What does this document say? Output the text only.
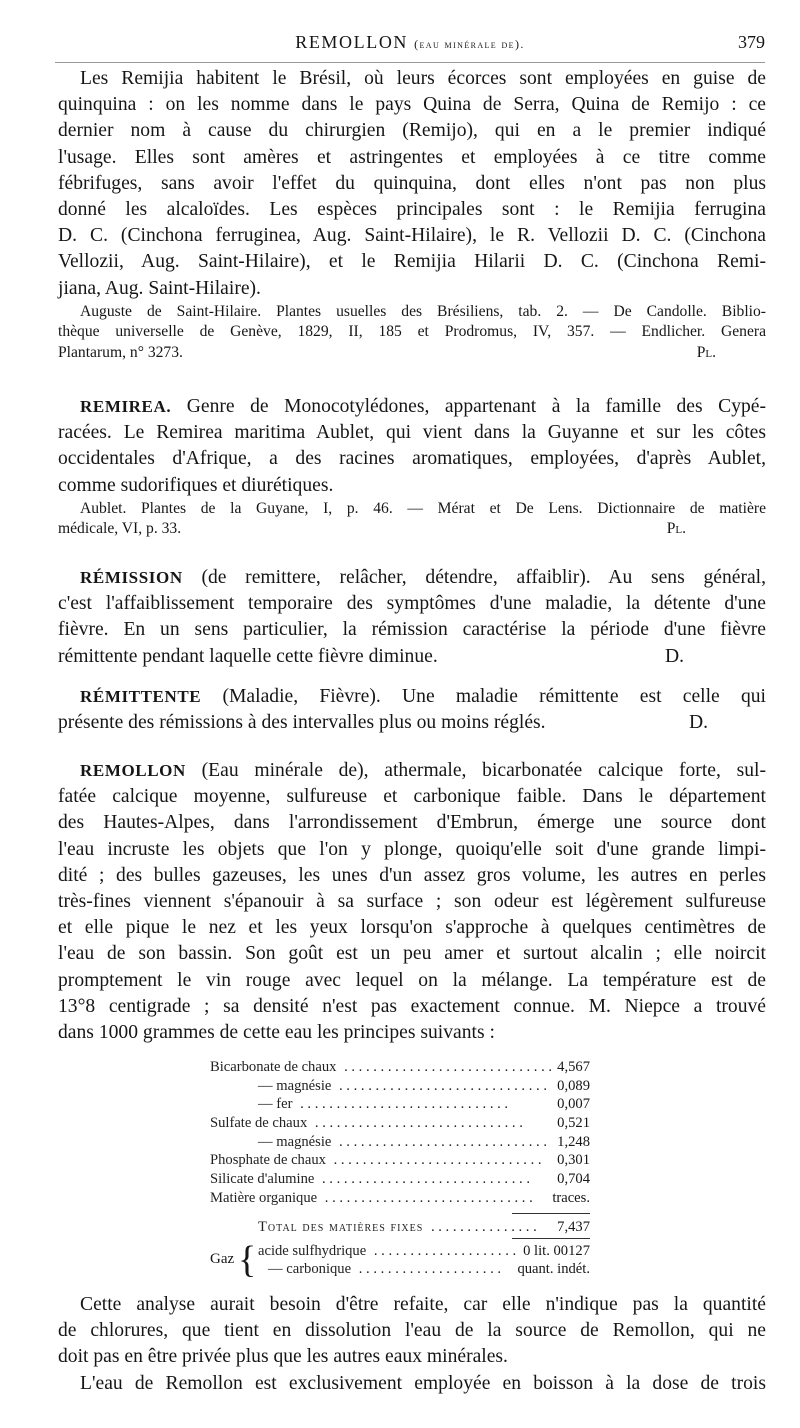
REMOLLON (eau minérale de).	379
Les Remijia habitent le Brésil, où leurs écorces sont employées en guise de
quinquina : on les nomme dans le pays Quina de Serra, Quina de Remijo : ce
dernier nom à cause du chirurgien (Remijo), qui en a le premier indiqué
l'usage. Elles sont amères et astringentes et employées à ce titre comme
fébrifuges, sans avoir l'effet du quinquina, dont elles n'ont pas non plus
donné les alcaloïdes. Les espèces principales sont : le Remijia ferrugina
D. C. (Cinchona ferruginea, Aug. Saint-Hilaire), le R. Vellozii D. C. (Cinchona
Vellozii, Aug. Saint-Hilaire), et le Remijia Hilarii D. C. (Cinchona Remi-
jiana, Aug. Saint-Hilaire).
Auguste de Saint-Hilaire. Plantes usuelles des Brésiliens, tab. 2. — De Candolle. Biblio-
thèque universelle de Genève, 1829, II, 185 et Prodromus, IV, 357. — Endlicher. Genera
Plantarum, n° 3273.	Pl.
REMIREA. Genre de Monocotylédones, appartenant à la famille des Cypé-
racées. Le Remirea maritima Aublet, qui vient dans la Guyanne et sur les côtes
occidentales d'Afrique, a des racines aromatiques, employées, d'après Aublet,
comme sudorifiques et diurétiques.
Aublet. Plantes de la Guyane, I, p. 46. — Mérat et De Lens. Dictionnaire de matière
médicale, VI, p. 33.	Pl.
RÉMISSION (de remittere, relâcher, détendre, affaiblir). Au sens général,
c'est l'affaiblissement temporaire des symptômes d'une maladie, la détente d'une
fièvre. En un sens particulier, la rémission caractérise la période d'une fièvre
rémittente pendant laquelle cette fièvre diminue.	D.
RÉMITTENTE (Maladie, Fièvre). Une maladie rémittente est celle qui
présente des rémissions à des intervalles plus ou moins réglés.	D.
REMOLLON (Eau minérale de), athermale, bicarbonatée calcique forte, sul-
fatée calcique moyenne, sulfureuse et carbonique faible. Dans le département
des Hautes-Alpes, dans l'arrondissement d'Embrun, émerge une source dont
l'eau incruste les objets que l'on y plonge, quoiqu'elle soit d'une grande limpi-
dité ; des bulles gazeuses, les unes d'un assez gros volume, les autres en perles
très-fines viennent s'épanouir à sa surface ; son odeur est légèrement sulfureuse
et elle pique le nez et les yeux lorsqu'on s'approche à quelques centimètres de
l'eau de son bassin. Son goût est un peu amer et surtout alcalin ; elle noircit
promptement le vin rouge avec lequel on la mélange. La température est de
13°8 centigrade ; sa densité n'est pas exactement connue. M. Niepce a trouvé
dans 1000 grammes de cette eau les principes suivants :
Bicarbonate de chaux . . . . . . . . . . . . . . . . . . . . . . . . . . . . . 4,567
— magnésie . . . . . . . . . . . . . . . . . . . . . . . . . . . . . 0,089
— fer . . . . . . . . . . . . . . . . . . . . . . . . . . . . .	0,007
Sulfate de chaux . . . . . . . . . . . . . . . . . . . . . . . . . . . . .	0,521
— magnésie . . . . . . . . . . . . . . . . . . . . . . . . . . . . . 1,248
Phosphate de chaux . . . . . . . . . . . . . . . . . . . . . . . . . . . . .	0,301
Silicate d'alumine . . . . . . . . . . . . . . . . . . . . . . . . . . . . .	0,704
Matière organique . . . . . . . . . . . . . . . . . . . . . . . . . . . . .	traces.
Total des matières fixes . . . . . . . . . . . . . . .	7,437
Gaz { acide sulfhydrique . . . . . . . . . . . . . . . . . . . . 0 lit. 00127
— carbonique . . . . . . . . . . . . . . . . . . . .	quant. indét.
Cette analyse aurait besoin d'être refaite, car elle n'indique pas la quantité
de chlorures, que tient en dissolution l'eau de la source de Remollon, qui ne
doit pas en être privée plus que les autres eaux minérales.
L'eau de Remollon est exclusivement employée en boisson à la dose de trois
